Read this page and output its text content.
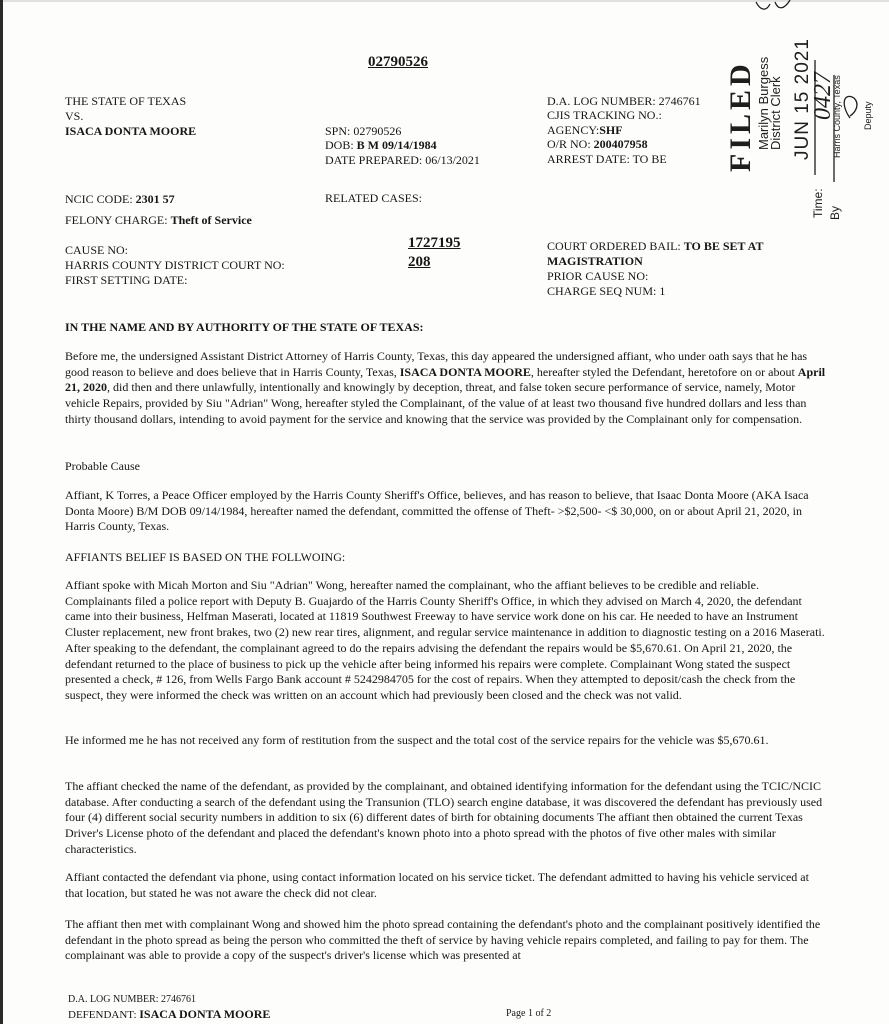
02790526
THE STATE OF TEXAS
VS.
ISACA DONTA MOORE	SPN: 02790526
DOB: B M 09/14/1984
DATE PREPARED: 06/13/2021
D.A. LOG NUMBER: 2746761
CJIS TRACKING NO.:
AGENCY:SHF
O/R NO: 200407958
ARREST DATE: TO BE
NCIC CODE: 2301 57	RELATED CASES:
FELONY CHARGE: Theft of Service
CAUSE NO:
HARRIS COUNTY DISTRICT COURT NO:
FIRST SETTING DATE:
1727195
208
COURT ORDERED BAIL: TO BE SET AT
MAGISTRATION
PRIOR CAUSE NO:
CHARGE SEQ NUM: 1
FILED Marilyn Burgess
District Clerk JUN 15 2021 Harris County, Texas
Time: By
Deputy
0427
IN THE NAME AND BY AUTHORITY OF THE STATE OF TEXAS:
Before me, the undersigned Assistant District Attorney of Harris County, Texas, this day appeared the undersigned affiant, who under oath says that he has good reason to believe and does believe that in Harris County, Texas, ISACA DONTA MOORE, hereafter styled the Defendant, heretofore on or about April 21, 2020, did then and there unlawfully, intentionally and knowingly by deception, threat, and false token secure performance of service, namely, Motor vehicle Repairs, provided by Siu "Adrian" Wong, hereafter styled the Complainant, of the value of at least two thousand five hundred dollars and less than thirty thousand dollars, intending to avoid payment for the service and knowing that the service was provided by the Complainant only for compensation.
Probable Cause
Affiant, K Torres, a Peace Officer employed by the Harris County Sheriff's Office, believes, and has reason to believe, that Isaac Donta Moore (AKA Isaca Donta Moore) B/M DOB 09/14/1984, hereafter named the defendant, committed the offense of Theft- >$2,500- <$ 30,000, on or about April 21, 2020, in Harris County, Texas.
AFFIANTS BELIEF IS BASED ON THE FOLLWOING:
Affiant spoke with Micah Morton and Siu "Adrian" Wong, hereafter named the complainant, who the affiant believes to be credible and reliable. Complainants filed a police report with Deputy B. Guajardo of the Harris County Sheriff's Office, in which they advised on March 4, 2020, the defendant came into their business, Helfman Maserati, located at 11819 Southwest Freeway to have service work done on his car. He needed to have an Instrument Cluster replacement, new front brakes, two (2) new rear tires, alignment, and regular service maintenance in addition to diagnostic testing on a 2016 Maserati. After speaking to the defendant, the complainant agreed to do the repairs advising the defendant the repairs would be $5,670.61. On April 21, 2020, the defendant returned to the place of business to pick up the vehicle after being informed his repairs were complete. Complainant Wong stated the suspect presented a check, # 126, from Wells Fargo Bank account # 5242984705 for the cost of repairs. When they attempted to deposit/cash the check from the suspect, they were informed the check was written on an account which had previously been closed and the check was not valid.
He informed me he has not received any form of restitution from the suspect and the total cost of the service repairs for the vehicle was $5,670.61.
The affiant checked the name of the defendant, as provided by the complainant, and obtained identifying information for the defendant using the TCIC/NCIC database. After conducting a search of the defendant using the Transunion (TLO) search engine database, it was discovered the defendant has previously used four (4) different social security numbers in addition to six (6) different dates of birth for obtaining documents The affiant then obtained the current Texas Driver's License photo of the defendant and placed the defendant's known photo into a photo spread with the photos of five other males with similar characteristics.
Affiant contacted the defendant via phone, using contact information located on his service ticket. The defendant admitted to having his vehicle serviced at that location, but stated he was not aware the check did not clear.
The affiant then met with complainant Wong and showed him the photo spread containing the defendant's photo and the complainant positively identified the defendant in the photo spread as being the person who committed the theft of service by having vehicle repairs completed, and failing to pay for them. The complainant was able to provide a copy of the suspect's driver's license which was presented at
D.A. LOG NUMBER: 2746761
DEFENDANT: ISACA DONTA MOORE	Page 1 of 2
